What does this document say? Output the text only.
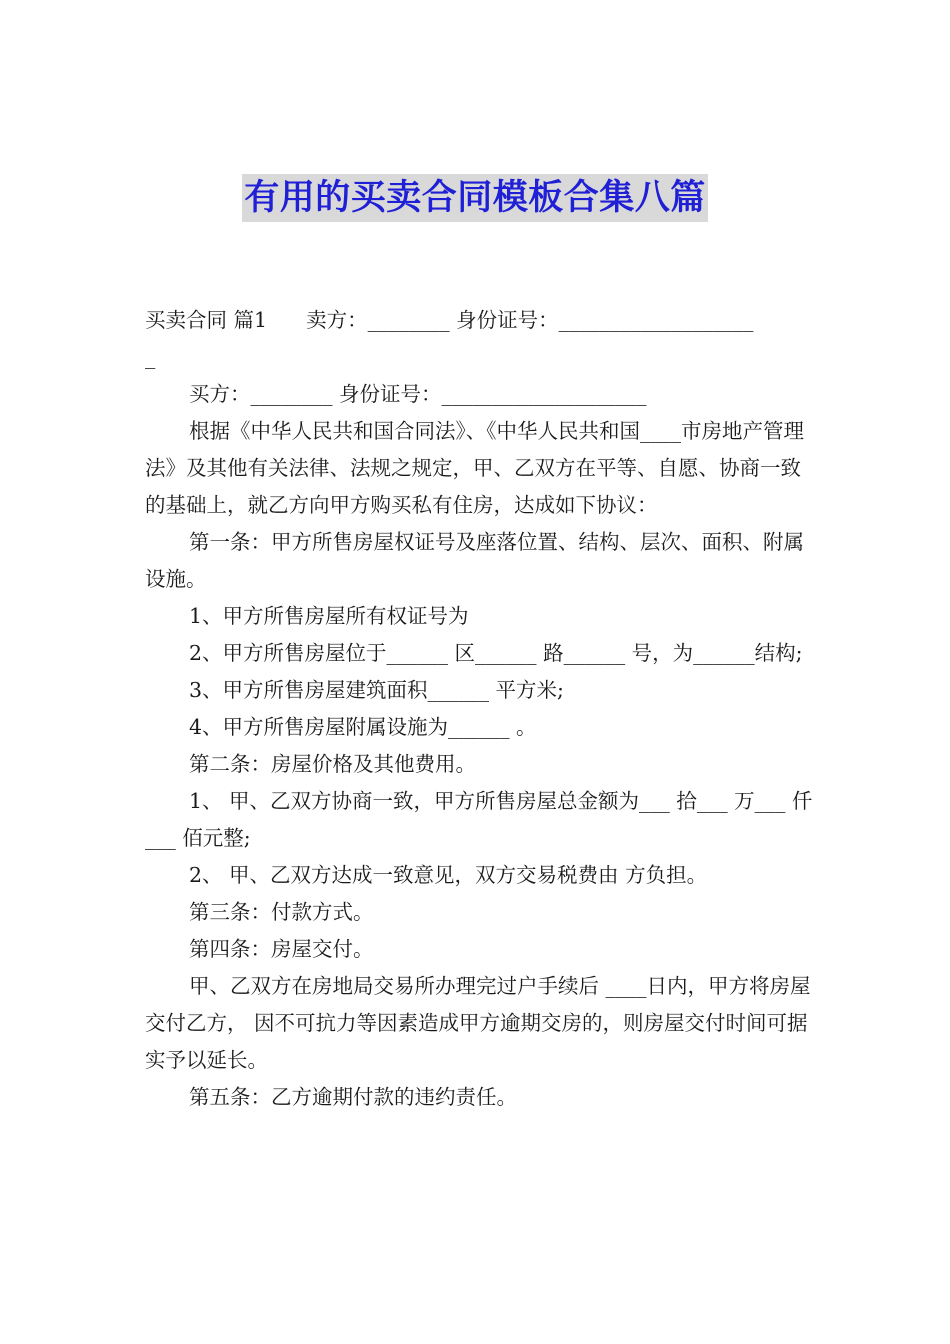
有用的买卖合同模板合集八篇

买卖合同 篇1      卖方：________ 身份证号：___________________

_

买方：________ 身份证号：____________________

根据《中华人民共和国合同法》、《中华人民共和国____市房地产管理法》及其他有关法律、法规之规定，甲、乙双方在平等、自愿、协商一致的基础上，就乙方向甲方购买私有住房，达成如下协议：

第一条：甲方所售房屋权证号及座落位置、结构、层次、面积、附属设施。

1、甲方所售房屋所有权证号为

2、甲方所售房屋位于______ 区______ 路______ 号，为______结构;

3、甲方所售房屋建筑面积______ 平方米;

4、甲方所售房屋附属设施为______ 。

第二条：房屋价格及其他费用。

1、 甲、乙双方协商一致，甲方所售房屋总金额为___ 拾___ 万___ 仟___ 佰元整;

2、 甲、乙双方达成一致意见，双方交易税费由 方负担。

第三条：付款方式。

第四条：房屋交付。

甲、乙双方在房地局交易所办理完过户手续后 ____日内，甲方将房屋交付乙方， 因不可抗力等因素造成甲方逾期交房的，则房屋交付时间可据实予以延长。

第五条：乙方逾期付款的违约责任。
